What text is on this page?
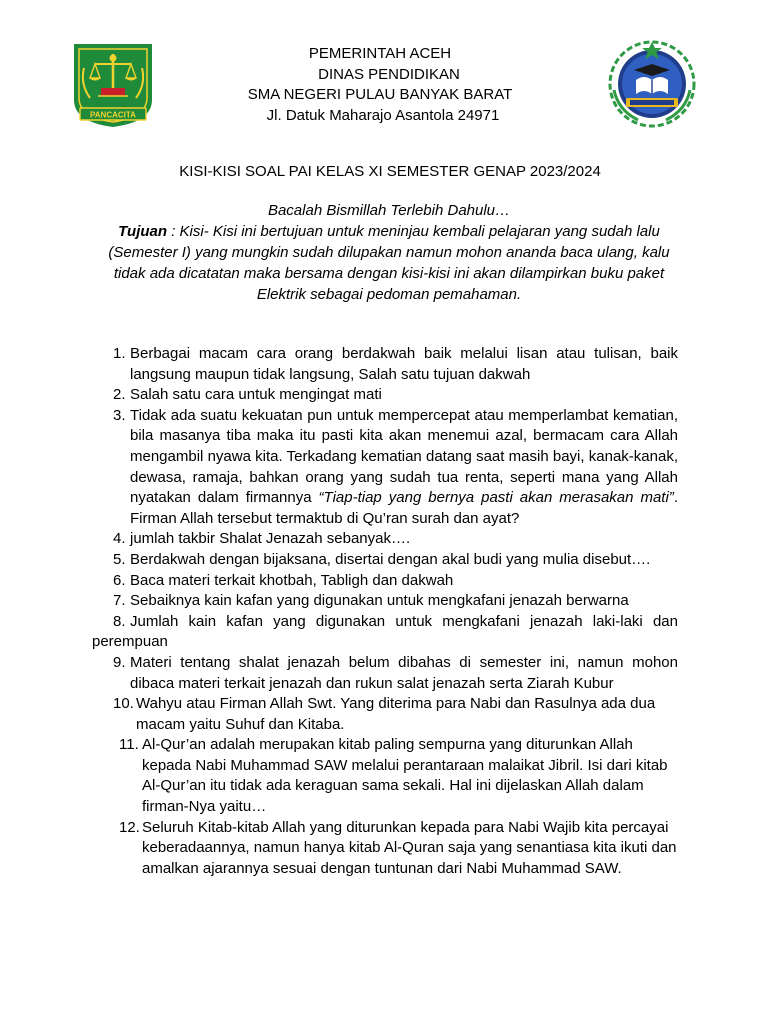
PANCACITA
PEMERINTAH ACEH
DINAS PENDIDIKAN
SMA NEGERI PULAU BANYAK BARAT
Jl. Datuk Maharajo Asantola 24971
KISI-KISI SOAL PAI KELAS XI SEMESTER GENAP 2023/2024

Bacalah Bismillah Terlebih Dahulu…

Tujuan : Kisi- Kisi ini bertujuan untuk meninjau kembali pelajaran yang sudah lalu (Semester I) yang mungkin sudah dilupakan namun mohon ananda baca ulang, kalu tidak ada dicatatan maka bersama dengan kisi-kisi ini akan dilampirkan buku paket Elektrik sebagai pedoman pemahaman.

1. Berbagai macam cara orang berdakwah baik melalui lisan atau tulisan, baik langsung maupun tidak langsung, Salah satu tujuan dakwah
2. Salah satu cara untuk mengingat mati
3. Tidak ada suatu kekuatan pun untuk mempercepat atau memperlambat kematian, bila masanya tiba maka itu pasti kita akan menemui azal, bermacam cara Allah mengambil nyawa kita. Terkadang kematian datang saat masih bayi, kanak-kanak, dewasa, ramaja, bahkan orang yang sudah tua renta, seperti mana yang Allah nyatakan dalam firmannya “Tiap-tiap yang bernya pasti akan merasakan mati”. Firman Allah tersebut termaktub di Qu’ran surah dan ayat?
4. jumlah takbir Shalat Jenazah sebanyak….
5. Berdakwah dengan bijaksana, disertai dengan akal budi yang mulia disebut….
6. Baca materi terkait khotbah, Tabligh dan dakwah
7. Sebaiknya kain kafan yang digunakan untuk mengkafani jenazah berwarna
8. Jumlah kain kafan yang digunakan untuk mengkafani jenazah laki-laki dan perempuan
9. Materi tentang shalat jenazah belum dibahas di semester ini, namun mohon dibaca materi terkait jenazah dan rukun salat jenazah serta Ziarah Kubur
10. Wahyu atau Firman Allah Swt. Yang diterima para Nabi dan Rasulnya ada dua macam yaitu Suhuf dan Kitaba.
11. Al-Qur’an adalah merupakan kitab paling sempurna yang diturunkan Allah kepada Nabi Muhammad SAW melalui perantaraan malaikat Jibril. Isi dari kitab Al-Qur’an itu tidak ada keraguan sama sekali. Hal ini dijelaskan Allah dalam firman-Nya yaitu…
12. Seluruh Kitab-kitab Allah yang diturunkan kepada para Nabi Wajib kita percayai keberadaannya, namun hanya kitab Al-Quran saja yang senantiasa kita ikuti dan amalkan ajarannya sesuai dengan tuntunan dari Nabi Muhammad SAW.
